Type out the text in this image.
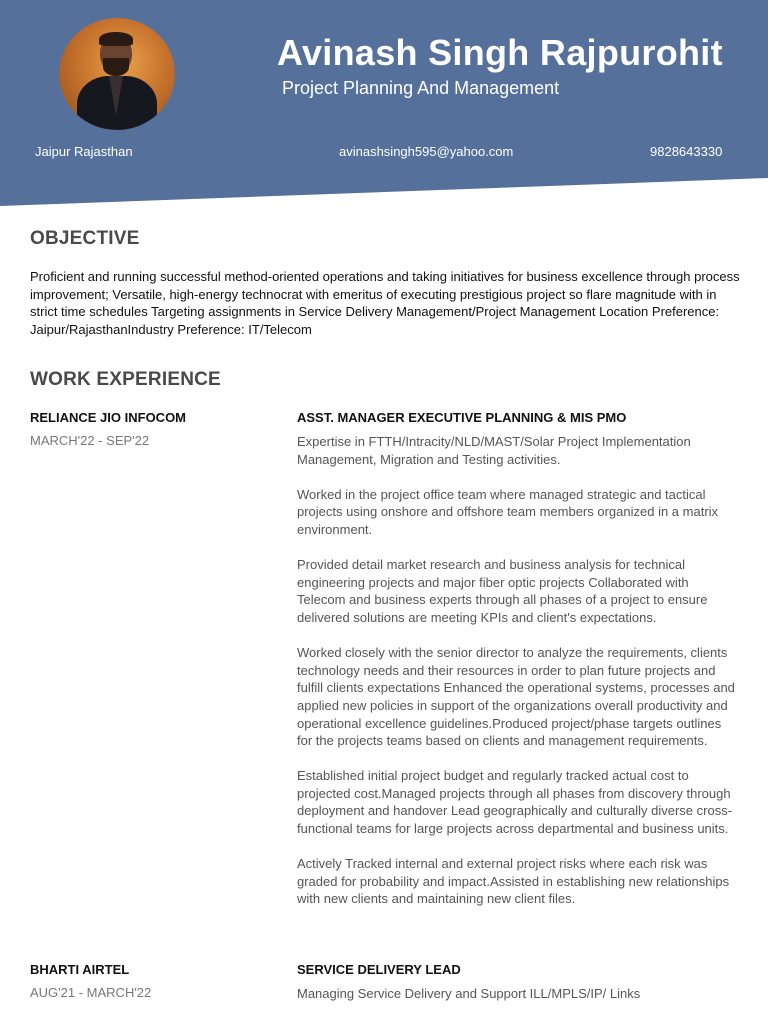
Avinash Singh Rajpurohit
Project Planning And Management
Jaipur Rajasthan	avinashsingh595@yahoo.com	9828643330
OBJECTIVE
Proficient and running successful method-oriented operations and taking initiatives for business excellence through process improvement; Versatile, high-energy technocrat with emeritus of executing prestigious project so flare magnitude with in strict time schedules Targeting assignments in Service Delivery Management/Project Management Location Preference: Jaipur/RajasthanIndustry Preference: IT/Telecom
WORK EXPERIENCE
RELIANCE JIO INFOCOM
MARCH'22 - SEP'22
ASST. MANAGER EXECUTIVE PLANNING & MIS PMO

Expertise in FTTH/Intracity/NLD/MAST/Solar Project Implementation Management, Migration and Testing activities.

Worked in the project office team where managed strategic and tactical projects using onshore and offshore team members organized in a matrix environment.

Provided detail market research and business analysis for technical engineering projects and major fiber optic projects Collaborated with Telecom and business experts through all phases of a project to ensure delivered solutions are meeting KPIs and client's expectations.

Worked closely with the senior director to analyze the requirements, clients technology needs and their resources in order to plan future projects and fulfill clients expectations Enhanced the operational systems, processes and applied new policies in support of the organizations overall productivity and operational excellence guidelines.Produced project/phase targets outlines for the projects teams based on clients and management requirements.

Established initial project budget and regularly tracked actual cost to projected cost.Managed projects through all phases from discovery through deployment and handover Lead geographically and culturally diverse cross-functional teams for large projects across departmental and business units.

Actively Tracked internal and external project risks where each risk was graded for probability and impact.Assisted in establishing new relationships with new clients and maintaining new client files.

BHARTI AIRTEL
AUG'21 - MARCH'22
SERVICE DELIVERY LEAD

Managing Service Delivery and Support ILL/MPLS/IP/ Links
